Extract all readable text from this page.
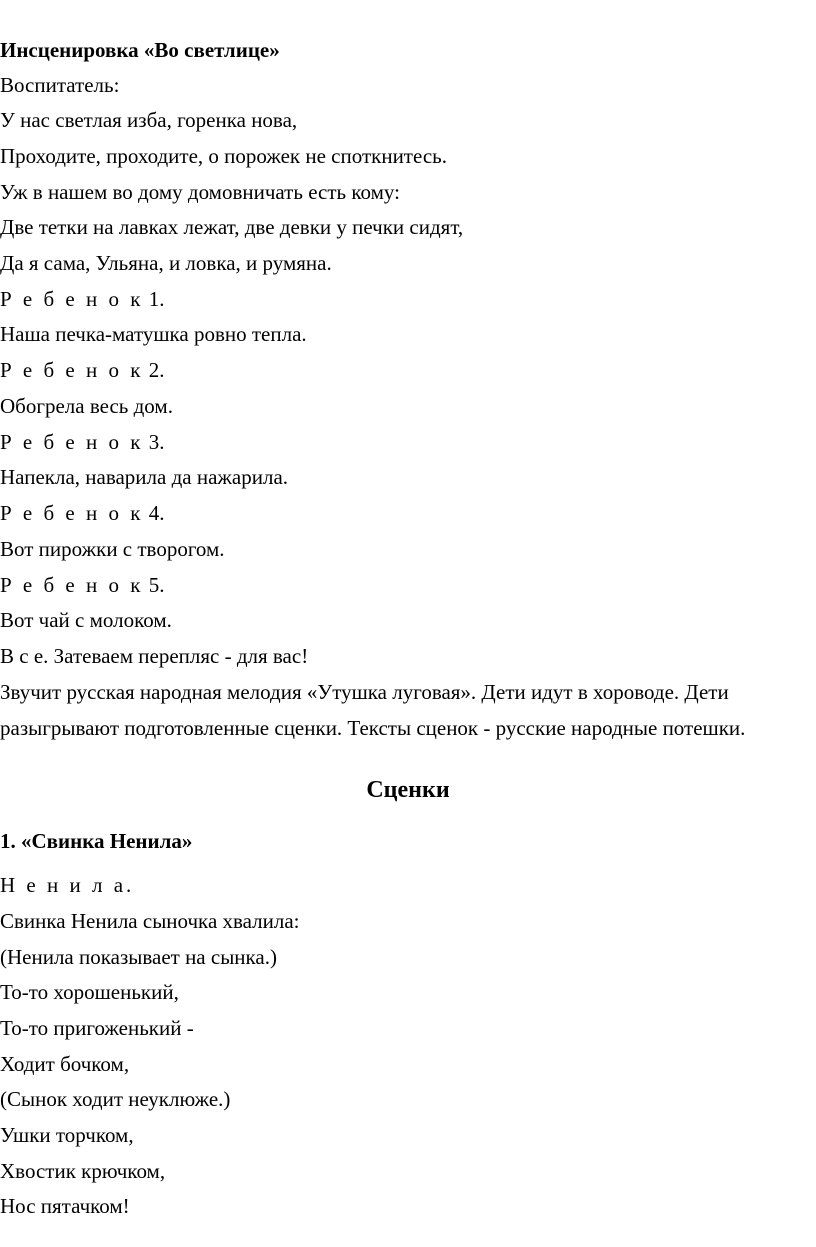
Инсценировка «Во светлице»
Воспитатель:
У нас светлая изба, горенка нова,
Проходите, проходите, о порожек не споткнитесь.
Уж в нашем во дому домовничать есть кому:
Две тетки на лавках лежат, две девки у печки сидят,
Да я сама, Ульяна, и ловка, и румяна.
Р е б е н о к 1.
Наша печка-матушка ровно тепла.
Р е б е н о к 2.
Обогрела весь дом.
Р е б е н о к 3.
Напекла, наварила да нажарила.
Р е б е н о к 4.
Вот пирожки с творогом.
Р е б е н о к 5.
Вот чай с молоком.
В с е. Затеваем перепляс - для вас!
Звучит русская народная мелодия «Утушка луговая». Дети идут в хороводе. Дети
разыгрывают подготовленные сценки. Тексты сценок - русские народные потешки.
Сценки
1. «Свинка Ненила»
Н е н и л а.
Свинка Ненила сыночка хвалила:
(Ненила показывает на сынка.)
То-то хорошенький,
То-то пригоженький -
Ходит бочком,
(Сынок ходит неуклюже.)
Ушки торчком,
Хвостик крючком,
Нос пятачком!
